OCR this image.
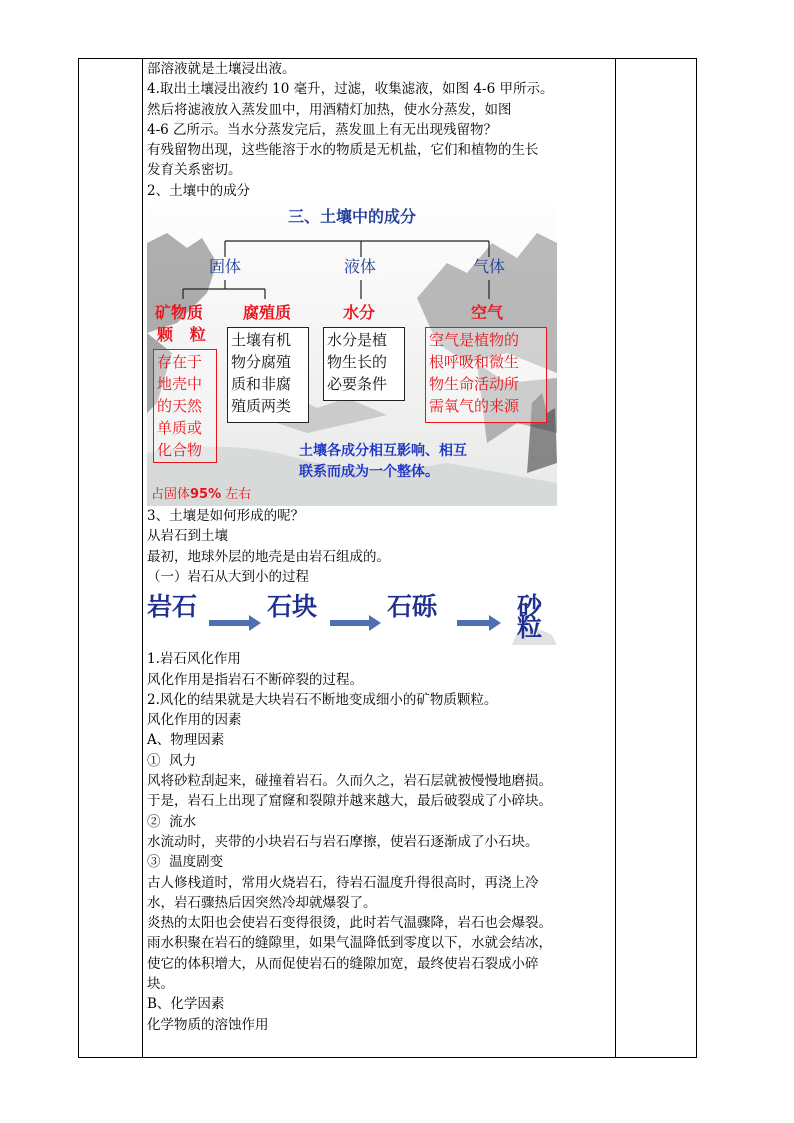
部溶液就是土壤浸出液。

4.取出土壤浸出液约 10 毫升，过滤，收集滤液，如图 4-6 甲所示。

然后将滤液放入蒸发皿中，用酒精灯加热，使水分蒸发，如图

4-6 乙所示。当水分蒸发完后，蒸发皿上有无出现残留物？

有残留物出现，这些能溶于水的物质是无机盐，它们和植物的生长

发育关系密切。

2、土壤中的成分

三、土壤中的成分
固体	液体	气体
矿物质
颗   粒
腐殖质	水分	空气
存在于
地壳中
的天然
单质或
化合物
土壤有机
物分腐殖
质和非腐
殖质两类
水分是植
物生长的
必要条件
空气是植物的
根呼吸和微生
物生命活动所
需氧气的来源
占固体95% 左右
土壤各成分相互影响、相互
联系而成为一个整体。

3、土壤是如何形成的呢？

从岩石到土壤

最初，地球外层的地壳是由岩石组成的。

（一）岩石从大到小的过程

岩石	石块	石砾	砂粒

1.岩石风化作用

风化作用是指岩石不断碎裂的过程。

2.风化的结果就是大块岩石不断地变成细小的矿物质颗粒。

风化作用的因素

A、物理因素

①  风力

风将砂粒刮起来，碰撞着岩石。久而久之，岩石层就被慢慢地磨损。

于是，岩石上出现了窟窿和裂隙并越来越大，最后破裂成了小碎块。

②  流水

水流动时，夹带的小块岩石与岩石摩擦，使岩石逐渐成了小石块。

③  温度剧变

古人修栈道时，常用火烧岩石，待岩石温度升得很高时，再浇上冷

水，岩石骤热后因突然冷却就爆裂了。

炎热的太阳也会使岩石变得很烫，此时若气温骤降，岩石也会爆裂。

雨水积聚在岩石的缝隙里，如果气温降低到零度以下，水就会结冰，

使它的体积增大，从而促使岩石的缝隙加宽，最终使岩石裂成小碎

块。

B、化学因素

化学物质的溶蚀作用
